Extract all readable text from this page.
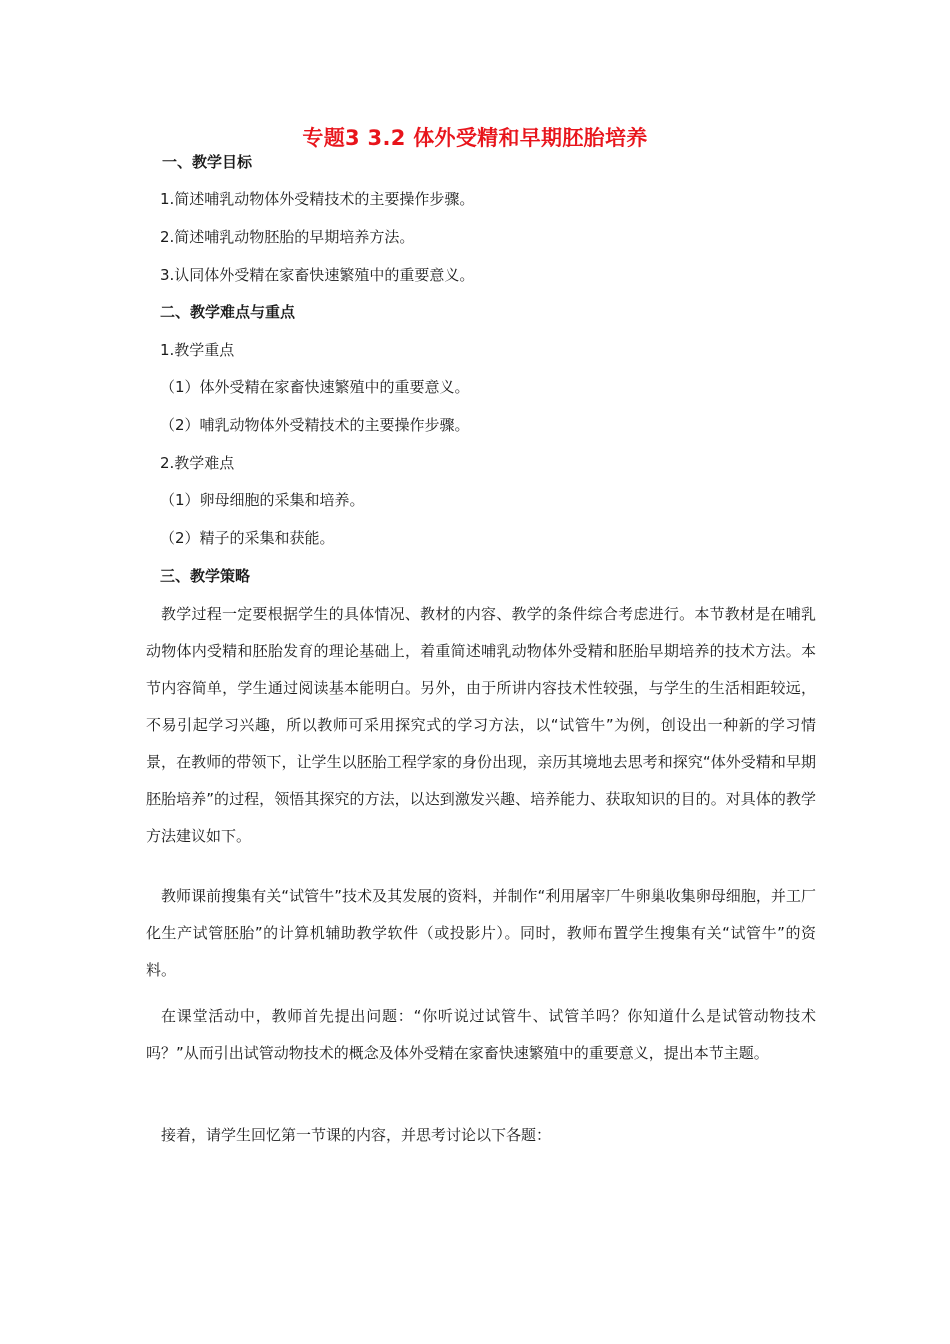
专题3 3.2 体外受精和早期胚胎培养
一、教学目标
1.简述哺乳动物体外受精技术的主要操作步骤。
2.简述哺乳动物胚胎的早期培养方法。
3.认同体外受精在家畜快速繁殖中的重要意义。
二、教学难点与重点
1.教学重点
（1）体外受精在家畜快速繁殖中的重要意义。
（2）哺乳动物体外受精技术的主要操作步骤。
2.教学难点
（1）卵母细胞的采集和培养。
（2）精子的采集和获能。
三、教学策略
教学过程一定要根据学生的具体情况、教材的内容、教学的条件综合考虑进行。本节教材是在哺乳动物体内受精和胚胎发育的理论基础上，着重简述哺乳动物体外受精和胚胎早期培养的技术方法。本节内容简单，学生通过阅读基本能明白。另外，由于所讲内容技术性较强，与学生的生活相距较远，不易引起学习兴趣，所以教师可采用探究式的学习方法，以“试管牛”为例，创设出一种新的学习情景，在教师的带领下，让学生以胚胎工程学家的身份出现，亲历其境地去思考和探究“体外受精和早期胚胎培养”的过程，领悟其探究的方法，以达到激发兴趣、培养能力、获取知识的目的。对具体的教学方法建议如下。
教师课前搜集有关“试管牛”技术及其发展的资料，并制作“利用屠宰厂牛卵巢收集卵母细胞，并工厂化生产试管胚胎”的计算机辅助教学软件（或投影片）。同时，教师布置学生搜集有关“试管牛”的资料。
在课堂活动中，教师首先提出问题：“你听说过试管牛、试管羊吗？你知道什么是试管动物技术吗？”从而引出试管动物技术的概念及体外受精在家畜快速繁殖中的重要意义，提出本节主题。
接着，请学生回忆第一节课的内容，并思考讨论以下各题：
